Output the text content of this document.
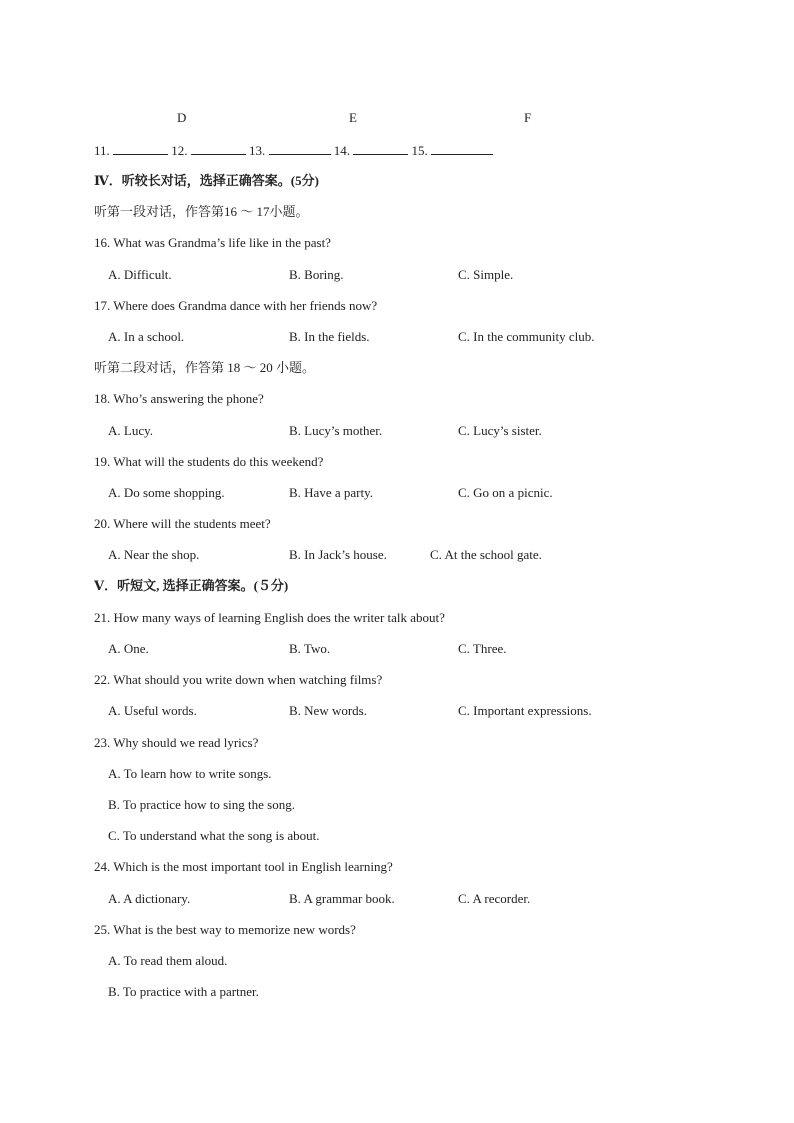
D	E	F
11.	12.	13.	14.	15.
Ⅳ．听较长对话，选择正确答案。(5分)
听第一段对话，作答第16 ～ 17小题。
16. What was Grandma’s life like in the past?
A. Difficult.	B. Boring.	C. Simple.
17. Where does Grandma dance with her friends now?
A. In a school.	B. In the fields.	C. In the community club.
听第二段对话，作答第 18 ～ 20 小题。
18. Who’s answering the phone?
A. Lucy.	B. Lucy’s mother.	C. Lucy’s sister.
19. What will the students do this weekend?
A. Do some shopping.	B. Have a party.	C. Go on a picnic.
20. Where will the students meet?
A. Near the shop.	B. In Jack’s house.	C. At the school gate.
Ⅴ．听短文, 选择正确答案。(５分)
21. How many ways of learning English does the writer talk about?
A. One.	B. Two.	C. Three.
22. What should you write down when watching films?
A. Useful words.	B. New words.	C. Important expressions.
23. Why should we read lyrics?
A. To learn how to write songs.
B. To practice how to sing the song.
C. To understand what the song is about.
24. Which is the most important tool in English learning?
A. A dictionary.	B. A grammar book.	C. A recorder.
25. What is the best way to memorize new words?
A. To read them aloud.
B. To practice with a partner.
